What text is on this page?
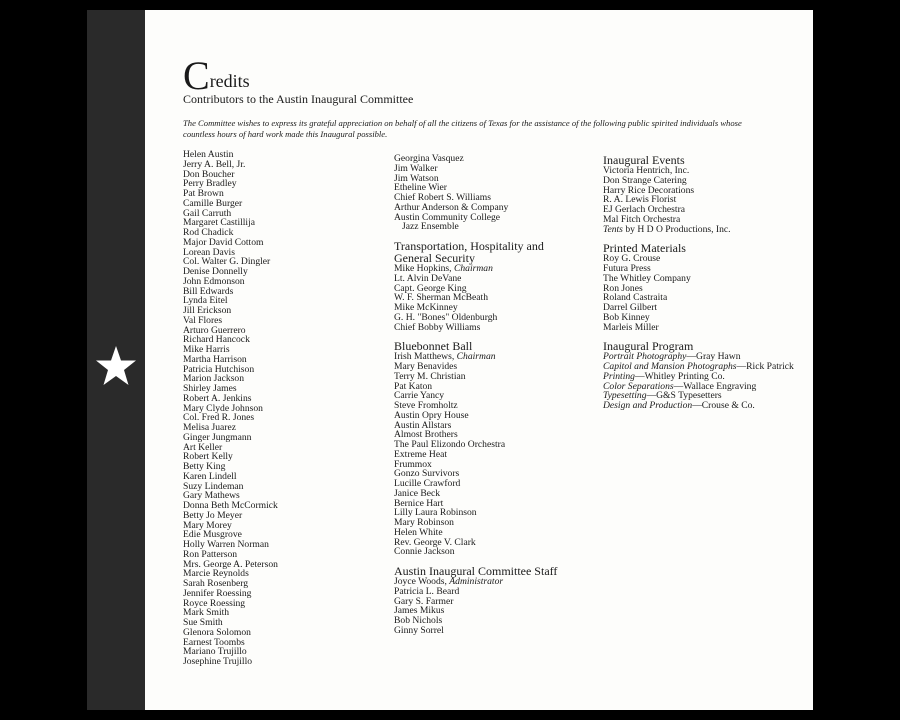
Credits
Contributors to the Austin Inaugural Committee
The Committee wishes to express its grateful appreciation on behalf of all the citizens of Texas for the assistance of the following public spirited individuals whose countless hours of hard work made this Inaugural possible.
Helen Austin
Jerry A. Bell, Jr.
Don Boucher
Perry Bradley
Pat Brown
Camille Burger
Gail Carruth
Margaret Castillija
Rod Chadick
Major David Cottom
Lorean Davis
Col. Walter G. Dingler
Denise Donnelly
John Edmonson
Bill Edwards
Lynda Eitel
Jill Erickson
Val Flores
Arturo Guerrero
Richard Hancock
Mike Harris
Martha Harrison
Patricia Hutchison
Marion Jackson
Shirley James
Robert A. Jenkins
Mary Clyde Johnson
Col. Fred R. Jones
Melisa Juarez
Ginger Jungmann
Art Keller
Robert Kelly
Betty King
Karen Lindell
Suzy Lindeman
Gary Mathews
Donna Beth McCormick
Betty Jo Meyer
Mary Morey
Edie Musgrove
Holly Warren Norman
Ron Patterson
Mrs. George A. Peterson
Marcie Reynolds
Sarah Rosenberg
Jennifer Roessing
Royce Roessing
Mark Smith
Sue Smith
Glenora Solomon
Earnest Toombs
Mariano Trujillo
Josephine Trujillo
Georgina Vasquez
Jim Walker
Jim Watson
Etheline Wier
Chief Robert S. Williams
Arthur Anderson & Company
Austin Community College
Jazz Ensemble
Transportation, Hospitality and
General Security
Mike Hopkins, Chairman
Lt. Alvin DeVane
Capt. George King
W. F. Sherman McBeath
Mike McKinney
G. H. "Bones" Oldenburgh
Chief Bobby Williams
Bluebonnet Ball
Irish Matthews, Chairman
Mary Benavides
Terry M. Christian
Pat Katon
Carrie Yancy
Steve Fromholtz
Austin Opry House
Austin Allstars
Almost Brothers
The Paul Elizondo Orchestra
Extreme Heat
Frummox
Gonzo Survivors
Lucille Crawford
Janice Beck
Bernice Hart
Lilly Laura Robinson
Mary Robinson
Helen White
Rev. George V. Clark
Connie Jackson
Austin Inaugural Committee Staff
Joyce Woods, Administrator
Patricia L. Beard
Gary S. Farmer
James Mikus
Bob Nichols
Ginny Sorrel
Inaugural Events
Victoria Hentrich, Inc.
Don Strange Catering
Harry Rice Decorations
R. A. Lewis Florist
EJ Gerlach Orchestra
Mal Fitch Orchestra
Tents by H D O Productions, Inc.
Printed Materials
Roy G. Crouse
Futura Press
The Whitley Company
Ron Jones
Roland Castraita
Darrel Gilbert
Bob Kinney
Marleis Miller
Inaugural Program
Portrait Photography—Gray Hawn
Capitol and Mansion Photographs—Rick Patrick
Printing—Whitley Printing Co.
Color Separations—Wallace Engraving
Typesetting—G&S Typesetters
Design and Production—Crouse & Co.
